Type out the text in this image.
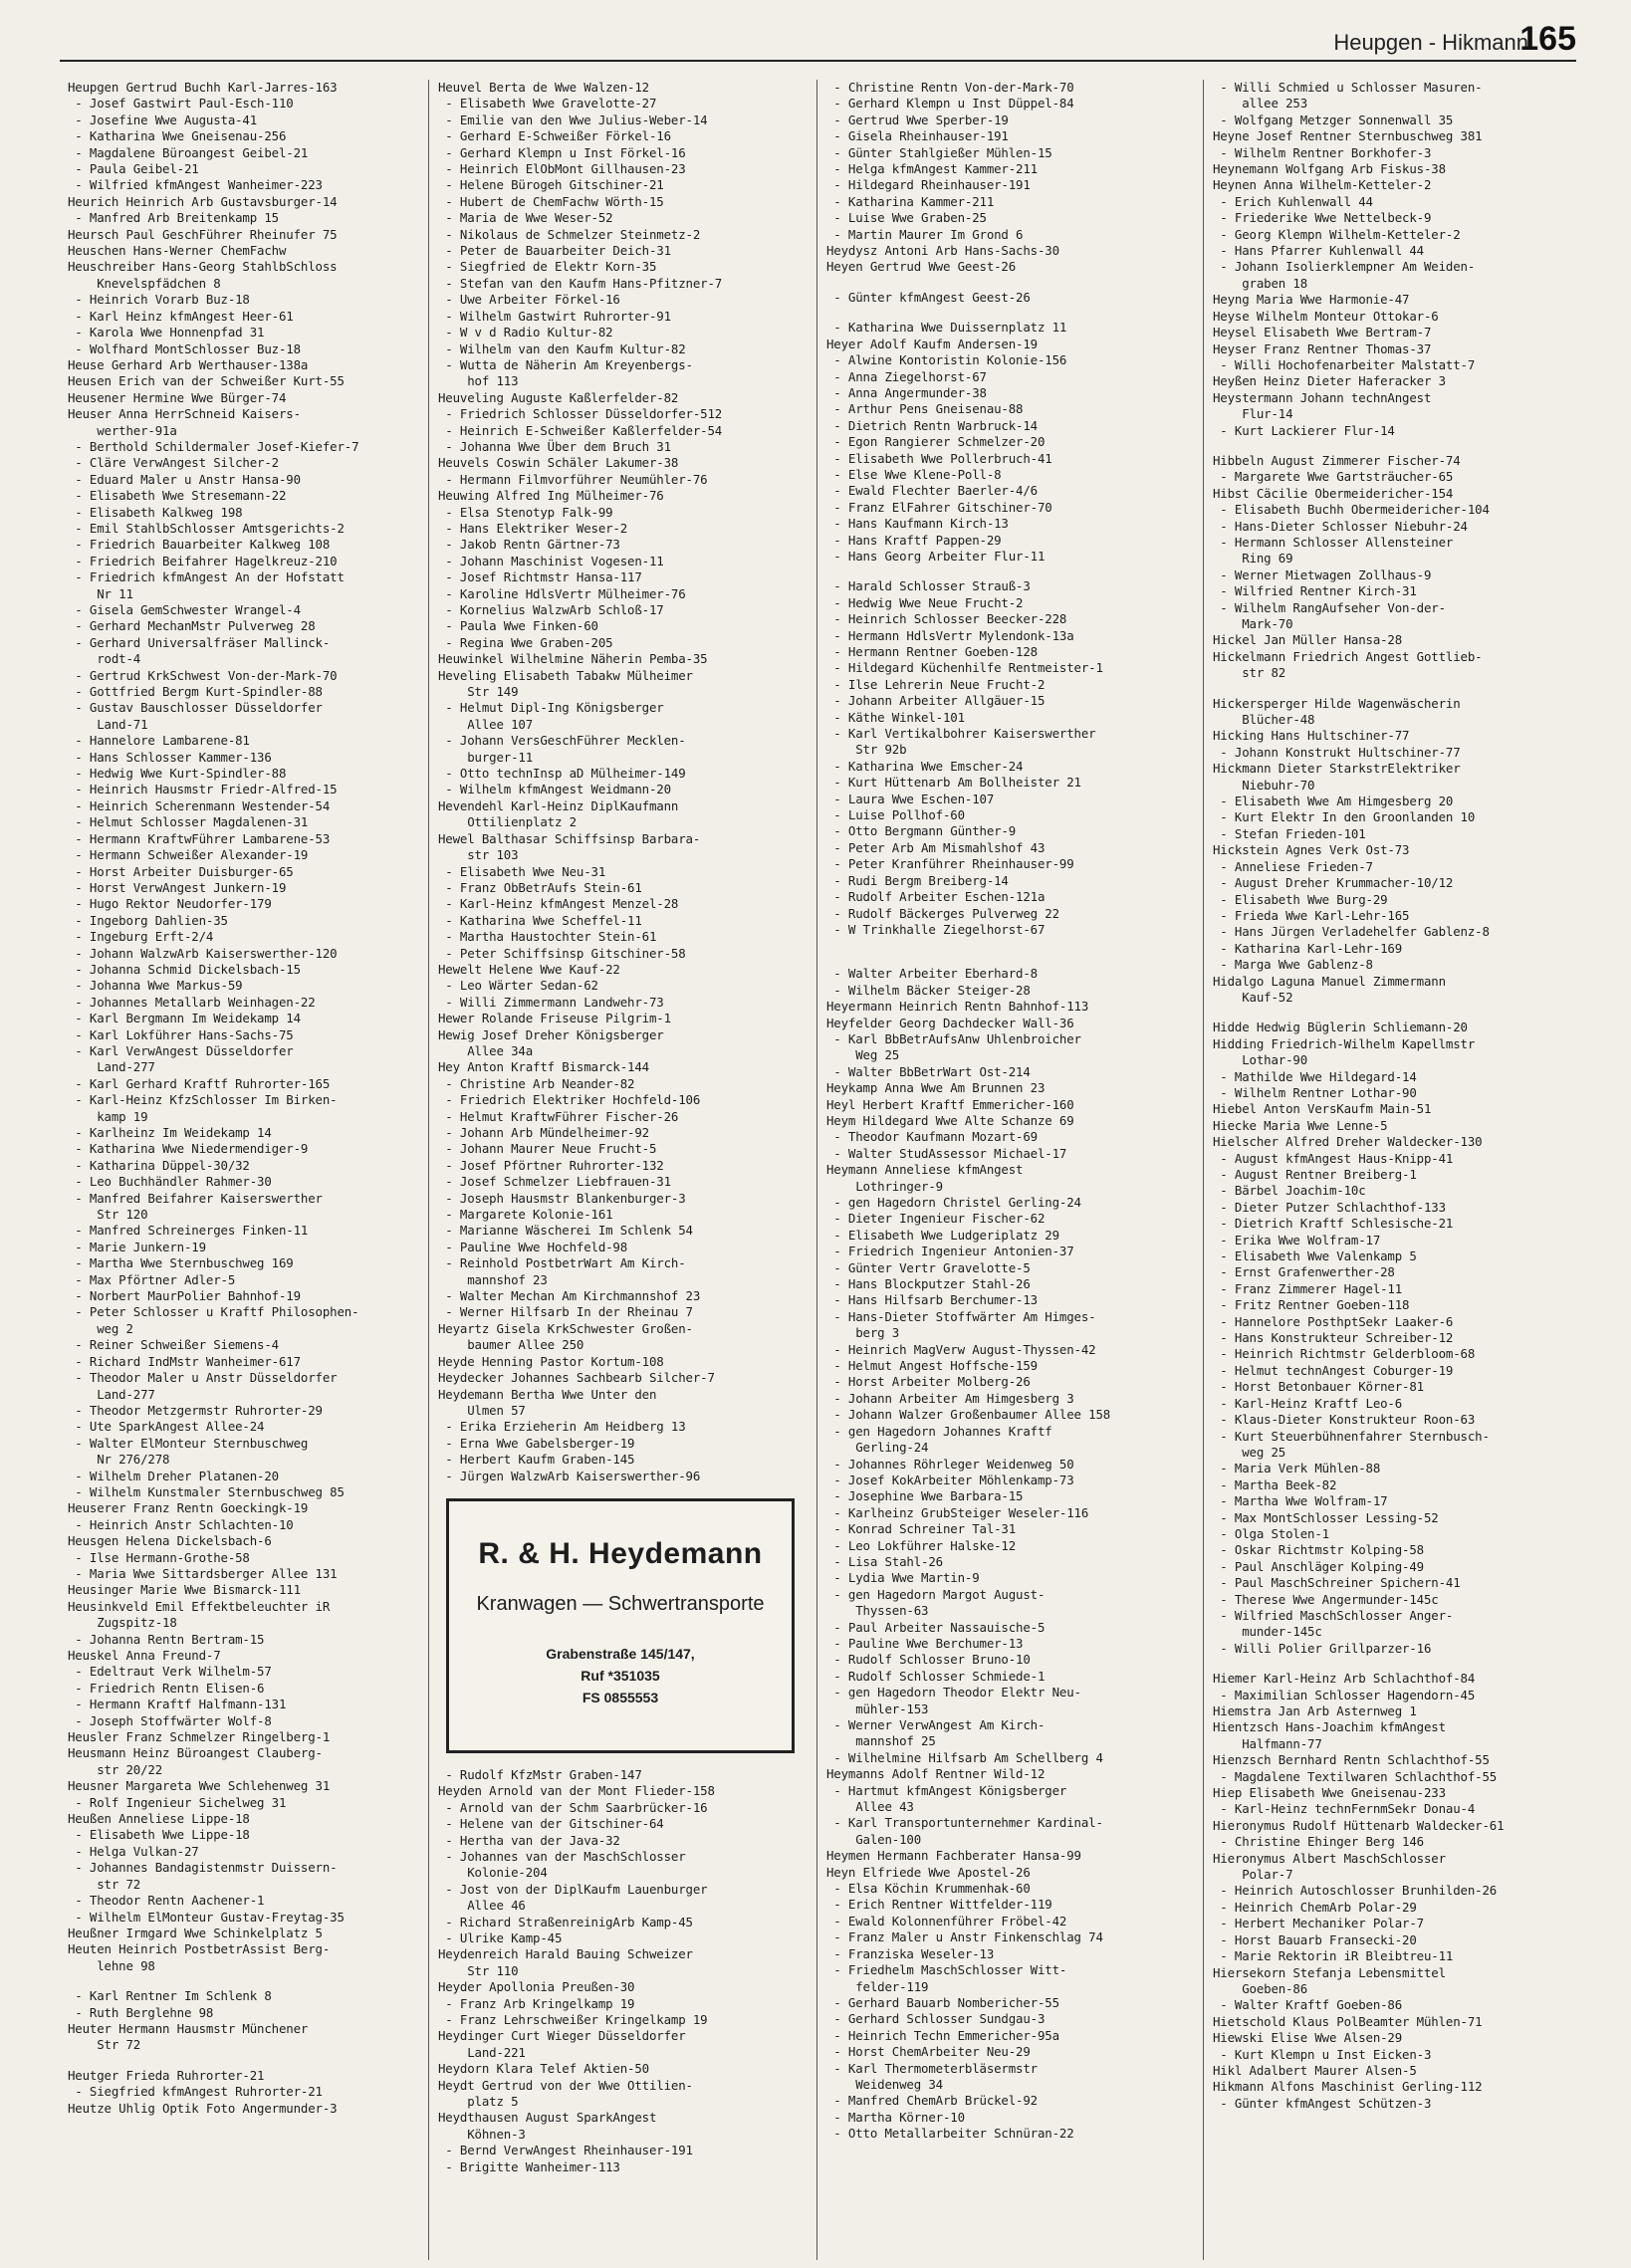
Heupgen - Hikmann
165
Heupgen Gertrud Buchh Karl-Jarres-163
- Josef Gastwirt Paul-Esch-110
- Josefine Wwe Augusta-41
- Katharina Wwe Gneisenau-256
- Magdalene Büroangest Geibel-21
- Paula Geibel-21
- Wilfried kfmAngest Wanheimer-223
Heurich Heinrich Arb Gustavsburger-14
- Manfred Arb Breitenkamp 15
Heursch Paul GeschFührer Rheinufer 75
Heuschen Hans-Werner ChemFachw
Heuschreiber Hans-Georg StahlbSchloss
Knevelspfädchen 8
- Heinrich Vorarb Buz-18
- Karl Heinz kfmAngest Heer-61
- Karola Wwe Honnenpfad 31
- Wolfhard MontSchlosser Buz-18
Heuse Gerhard Arb Werthauser-138a
Heusen Erich van der Schweißer Kurt-55
Heusener Hermine Wwe Bürger-74
Heuser Anna HerrSchneid Kaisers-
werther-91a
- Berthold Schildermaler Josef-Kiefer-7
- Cläre VerwAngest Silcher-2
- Eduard Maler u Anstr Hansa-90
- Elisabeth Wwe Stresemann-22
- Elisabeth Kalkweg 198
- Emil StahlbSchlosser Amtsgerichts-2
- Friedrich Bauarbeiter Kalkweg 108
- Friedrich Beifahrer Hagelkreuz-210
- Friedrich kfmAngest An der Hofstatt
Nr 11
- Gisela GemSchwester Wrangel-4
- Gerhard MechanMstr Pulverweg 28
- Gerhard Universalfräser Mallinck-
rodt-4
- Gertrud KrkSchwest Von-der-Mark-70
- Gottfried Bergm Kurt-Spindler-88
- Gustav Bauschlosser Düsseldorfer
Land-71
- Hannelore Lambarene-81
- Hans Schlosser Kammer-136
- Hedwig Wwe Kurt-Spindler-88
- Heinrich Hausmstr Friedr-Alfred-15
- Heinrich Scherenmann Westender-54
- Helmut Schlosser Magdalenen-31
- Hermann KraftwFührer Lambarene-53
- Hermann Schweißer Alexander-19
- Horst Arbeiter Duisburger-65
- Horst VerwAngest Junkern-19
- Hugo Rektor Neudorfer-179
- Ingeborg Dahlien-35
- Ingeburg Erft-2/4
- Johann WalzwArb Kaiserswerther-120
- Johanna Schmid Dickelsbach-15
- Johanna Wwe Markus-59
- Johannes Metallarb Weinhagen-22
- Karl Bergmann Im Weidekamp 14
- Karl Lokführer Hans-Sachs-75
- Karl VerwAngest Düsseldorfer
Land-277
- Karl Gerhard Kraftf Ruhrorter-165
- Karl-Heinz KfzSchlosser Im Birken-
kamp 19
- Karlheinz Im Weidekamp 14
- Katharina Wwe Niedermendiger-9
- Katharina Düppel-30/32
- Leo Buchhändler Rahmer-30
- Manfred Beifahrer Kaiserswerther
Str 120
- Manfred Schreinerges Finken-11
- Marie Junkern-19
- Martha Wwe Sternbuschweg 169
- Max Pförtner Adler-5
- Norbert MaurPolier Bahnhof-19
- Peter Schlosser u Kraftf Philosophen-
weg 2
- Reiner Schweißer Siemens-4
- Richard IndMstr Wanheimer-617
- Theodor Maler u Anstr Düsseldorfer
Land-277
- Theodor Metzgermstr Ruhrorter-29
- Ute SparkAngest Allee-24
- Walter ElMonteur Sternbuschweg
Nr 276/278
- Wilhelm Dreher Platanen-20
- Wilhelm Kunstmaler Sternbuschweg 85
Heuserer Franz Rentn Goeckingk-19
- Heinrich Anstr Schlachten-10
Heusgen Helena Dickelsbach-6
- Ilse Hermann-Grothe-58
- Maria Wwe Sittardsberger Allee 131
Heusinger Marie Wwe Bismarck-111
Heusinkveld Emil Effektbeleuchter iR
Zugspitz-18
- Johanna Rentn Bertram-15
Heuskel Anna Freund-7
- Edeltraut Verk Wilhelm-57
- Friedrich Rentn Elisen-6
- Hermann Kraftf Halfmann-131
- Joseph Stoffwärter Wolf-8
Heusler Franz Schmelzer Ringelberg-1
Heusmann Heinz Büroangest Clauberg-
str 20/22
Heusner Margareta Wwe Schlehenweg 31
- Rolf Ingenieur Sichelweg 31
Heußen Anneliese Lippe-18
- Elisabeth Wwe Lippe-18
- Helga Vulkan-27
- Johannes Bandagistenmstr Duissern-
str 72
- Theodor Rentn Aachener-1
- Wilhelm ElMonteur Gustav-Freytag-35
Heußner Irmgard Wwe Schinkelplatz 5
Heuten Heinrich PostbetrAssist Berg-
lehne 98
- Karl Rentner Im Schlenk 8
- Ruth Berglehne 98
Heuter Hermann Hausmstr Münchener
Str 72
Heutger Frieda Ruhrorter-21
- Siegfried kfmAngest Ruhrorter-21
Heutze Uhlig Optik Foto Angermunder-3
Heuvel Berta de Wwe Walzen-12
- Elisabeth Wwe Gravelotte-27
- Emilie van den Wwe Julius-Weber-14
- Gerhard E-Schweißer Förkel-16
- Gerhard Klempn u Inst Förkel-16
- Heinrich ElObMont Gillhausen-23
- Helene Bürogeh Gitschiner-21
- Hubert de ChemFachw Wörth-15
- Maria de Wwe Weser-52
- Nikolaus de Schmelzer Steinmetz-2
- Peter de Bauarbeiter Deich-31
- Siegfried de Elektr Korn-35
- Stefan van den Kaufm Hans-Pfitzner-7
- Uwe Arbeiter Förkel-16
- Wilhelm Gastwirt Ruhrorter-91
- W v d Radio Kultur-82
- Wilhelm van den Kaufm Kultur-82
- Wutta de Näherin Am Kreyenbergs-
hof 113
Heuveling Auguste Kaßlerfelder-82
- Friedrich Schlosser Düsseldorfer-512
- Heinrich E-Schweißer Kaßlerfelder-54
- Johanna Wwe Über dem Bruch 31
Heuvels Coswin Schäler Lakumer-38
- Hermann Filmvorführer Neumühler-76
Heuwing Alfred Ing Mülheimer-76
- Elsa Stenotyp Falk-99
- Hans Elektriker Weser-2
- Jakob Rentn Gärtner-73
- Johann Maschinist Vogesen-11
- Josef Richtmstr Hansa-117
- Karoline HdlsVertr Mülheimer-76
- Kornelius WalzwArb Schloß-17
- Paula Wwe Finken-60
- Regina Wwe Graben-205
Heuwinkel Wilhelmine Näherin Pemba-35
Heveling Elisabeth Tabakw Mülheimer
Str 149
- Helmut Dipl-Ing Königsberger
Allee 107
- Johann VersGeschFührer Mecklen-
burger-11
- Otto technInsp aD Mülheimer-149
- Wilhelm kfmAngest Weidmann-20
Hevendehl Karl-Heinz DiplKaufmann
Ottilienplatz 2
Hewel Balthasar Schiffsinsp Barbara-
str 103
- Elisabeth Wwe Neu-31
- Franz ObBetrAufs Stein-61
- Karl-Heinz kfmAngest Menzel-28
- Katharina Wwe Scheffel-11
- Martha Haustochter Stein-61
- Peter Schiffsinsp Gitschiner-58
Hewelt Helene Wwe Kauf-22
- Leo Wärter Sedan-62
- Willi Zimmermann Landwehr-73
Hewer Rolande Friseuse Pilgrim-1
Hewig Josef Dreher Königsberger
Allee 34a
Hey Anton Kraftf Bismarck-144
- Christine Arb Neander-82
- Friedrich Elektriker Hochfeld-106
- Helmut KraftwFührer Fischer-26
- Johann Arb Mündelheimer-92
- Johann Maurer Neue Frucht-5
- Josef Pförtner Ruhrorter-132
- Josef Schmelzer Liebfrauen-31
- Joseph Hausmstr Blankenburger-3
- Margarete Kolonie-161
- Marianne Wäscherei Im Schlenk 54
- Pauline Wwe Hochfeld-98
- Reinhold PostbetrWart Am Kirch-
mannshof 23
- Walter Mechan Am Kirchmannshof 23
- Werner Hilfsarb In der Rheinau 7
Heyartz Gisela KrkSchwester Großen-
baumer Allee 250
Heyde Henning Pastor Kortum-108
Heydecker Johannes Sachbearb Silcher-7
Heydemann Bertha Wwe Unter den
Ulmen 57
- Erika Erzieherin Am Heidberg 13
- Erna Wwe Gabelsberger-19
- Herbert Kaufm Graben-145
- Jürgen WalzwArb Kaiserswerther-96
R. & H. Heydemann
Kranwagen — Schwertransporte
Grabenstraße 145/147,
Ruf *351035
FS 0855553
- Rudolf KfzMstr Graben-147
Heyden Arnold van der Mont Flieder-158
- Arnold van der Schm Saarbrücker-16
- Helene van der Gitschiner-64
- Hertha van der Java-32
- Johannes van der MaschSchlosser
Kolonie-204
- Jost von der DiplKaufm Lauenburger
Allee 46
- Richard StraßenreinigArb Kamp-45
- Ulrike Kamp-45
Heydenreich Harald Bauing Schweizer
Str 110
Heyder Apollonia Preußen-30
- Franz Arb Kringelkamp 19
- Franz Lehrschweißer Kringelkamp 19
Heydinger Curt Wieger Düsseldorfer
Land-221
Heydorn Klara Telef Aktien-50
Heydt Gertrud von der Wwe Ottilien-
platz 5
Heydthausen August SparkAngest
Köhnen-3
- Bernd VerwAngest Rheinhauser-191
- Brigitte Wanheimer-113
- Christine Rentn Von-der-Mark-70
- Gerhard Klempn u Inst Düppel-84
- Gertrud Wwe Sperber-19
- Gisela Rheinhauser-191
- Günter Stahlgießer Mühlen-15
- Helga kfmAngest Kammer-211
- Hildegard Rheinhauser-191
- Katharina Kammer-211
- Luise Wwe Graben-25
- Martin Maurer Im Grond 6
Heydysz Antoni Arb Hans-Sachs-30
Heyen Gertrud Wwe Geest-26
- Günter kfmAngest Geest-26
- Katharina Wwe Duissernplatz 11
Heyer Adolf Kaufm Andersen-19
- Alwine Kontoristin Kolonie-156
- Anna Ziegelhorst-67
- Anna Angermunder-38
- Arthur Pens Gneisenau-88
- Dietrich Rentn Warbruck-14
- Egon Rangierer Schmelzer-20
- Elisabeth Wwe Pollerbruch-41
- Else Wwe Klene-Poll-8
- Ewald Flechter Baerler-4/6
- Franz ElFahrer Gitschiner-70
- Hans Kaufmann Kirch-13
- Hans Kraftf Pappen-29
- Hans Georg Arbeiter Flur-11
- Harald Schlosser Strauß-3
- Hedwig Wwe Neue Frucht-2
- Heinrich Schlosser Beecker-228
- Hermann HdlsVertr Mylendonk-13a
- Hermann Rentner Goeben-128
- Hildegard Küchenhilfe Rentmeister-1
- Ilse Lehrerin Neue Frucht-2
- Johann Arbeiter Allgäuer-15
- Käthe Winkel-101
- Karl Vertikalbohrer Kaiserswerther
Str 92b
- Katharina Wwe Emscher-24
- Kurt Hüttenarb Am Bollheister 21
- Laura Wwe Eschen-107
- Luise Pollhof-60
- Otto Bergmann Günther-9
- Peter Arb Am Mismahlshof 43
- Peter Kranführer Rheinhauser-99
- Rudi Bergm Breiberg-14
- Rudolf Arbeiter Eschen-121a
- Rudolf Bäckerges Pulverweg 22
- W Trinkhalle Ziegelhorst-67
- Walter Arbeiter Eberhard-8
- Wilhelm Bäcker Steiger-28
Heyermann Heinrich Rentn Bahnhof-113
Heyfelder Georg Dachdecker Wall-36
- Karl BbBetrAufsAnw Uhlenbroicher
Weg 25
- Walter BbBetrWart Ost-214
Heykamp Anna Wwe Am Brunnen 23
Heyl Herbert Kraftf Emmericher-160
Heym Hildegard Wwe Alte Schanze 69
- Theodor Kaufmann Mozart-69
- Walter StudAssessor Michael-17
Heymann Anneliese kfmAngest
Lothringer-9
- gen Hagedorn Christel Gerling-24
- Dieter Ingenieur Fischer-62
- Elisabeth Wwe Ludgeriplatz 29
- Friedrich Ingenieur Antonien-37
- Günter Vertr Gravelotte-5
- Hans Blockputzer Stahl-26
- Hans Hilfsarb Berchumer-13
- Hans-Dieter Stoffwärter Am Himges-
berg 3
- Heinrich MagVerw August-Thyssen-42
- Helmut Angest Hoffsche-159
- Horst Arbeiter Molberg-26
- Johann Arbeiter Am Himgesberg 3
- Johann Walzer Großenbaumer Allee 158
- gen Hagedorn Johannes Kraftf
Gerling-24
- Johannes Röhrleger Weidenweg 50
- Josef KokArbeiter Möhlenkamp-73
- Josephine Wwe Barbara-15
- Karlheinz GrubSteiger Weseler-116
- Konrad Schreiner Tal-31
- Leo Lokführer Halske-12
- Lisa Stahl-26
- Lydia Wwe Martin-9
- gen Hagedorn Margot August-
Thyssen-63
- Paul Arbeiter Nassauische-5
- Pauline Wwe Berchumer-13
- Rudolf Schlosser Bruno-10
- Rudolf Schlosser Schmiede-1
- gen Hagedorn Theodor Elektr Neu-
mühler-153
- Werner VerwAngest Am Kirch-
mannshof 25
- Wilhelmine Hilfsarb Am Schellberg 4
Heymanns Adolf Rentner Wild-12
- Hartmut kfmAngest Königsberger
Allee 43
- Karl Transportunternehmer Kardinal-
Galen-100
Heymen Hermann Fachberater Hansa-99
Heyn Elfriede Wwe Apostel-26
- Elsa Köchin Krummenhak-60
- Erich Rentner Wittfelder-119
- Ewald Kolonnenführer Fröbel-42
- Franz Maler u Anstr Finkenschlag 74
- Franziska Weseler-13
- Friedhelm MaschSchlosser Witt-
felder-119
- Gerhard Bauarb Nombericher-55
- Gerhard Schlosser Sundgau-3
- Heinrich Techn Emmericher-95a
- Horst ChemArbeiter Neu-29
- Karl Thermometerbläsermstr
Weidenweg 34
- Manfred ChemArb Brückel-92
- Martha Körner-10
- Otto Metallarbeiter Schnüran-22
- Willi Schmied u Schlosser Masuren-
allee 253
- Wolfgang Metzger Sonnenwall 35
Heyne Josef Rentner Sternbuschweg 381
- Wilhelm Rentner Borkhofer-3
Heynemann Wolfgang Arb Fiskus-38
Heynen Anna Wilhelm-Ketteler-2
- Erich Kuhlenwall 44
- Friederike Wwe Nettelbeck-9
- Georg Klempn Wilhelm-Ketteler-2
- Hans Pfarrer Kuhlenwall 44
- Johann Isolierklempner Am Weiden-
graben 18
Heyng Maria Wwe Harmonie-47
Heyse Wilhelm Monteur Ottokar-6
Heysel Elisabeth Wwe Bertram-7
Heyser Franz Rentner Thomas-37
- Willi Hochofenarbeiter Malstatt-7
Heyßen Heinz Dieter Haferacker 3
Heystermann Johann technAngest
Flur-14
- Kurt Lackierer Flur-14
Hibbeln August Zimmerer Fischer-74
- Margarete Wwe Gartsträucher-65
Hibst Cäcilie Obermeidericher-154
- Elisabeth Buchh Obermeidericher-104
- Hans-Dieter Schlosser Niebuhr-24
- Hermann Schlosser Allensteiner
Ring 69
- Werner Mietwagen Zollhaus-9
- Wilfried Rentner Kirch-31
- Wilhelm RangAufseher Von-der-
Mark-70
Hickel Jan Müller Hansa-28
Hickelmann Friedrich Angest Gottlieb-
str 82
Hickersperger Hilde Wagenwäscherin
Blücher-48
Hicking Hans Hultschiner-77
- Johann Konstrukt Hultschiner-77
Hickmann Dieter StarkstrElektriker
Niebuhr-70
- Elisabeth Wwe Am Himgesberg 20
- Kurt Elektr In den Groonlanden 10
- Stefan Frieden-101
Hickstein Agnes Verk Ost-73
- Anneliese Frieden-7
- August Dreher Krummacher-10/12
- Elisabeth Wwe Burg-29
- Frieda Wwe Karl-Lehr-165
- Hans Jürgen Verladehelfer Gablenz-8
- Katharina Karl-Lehr-169
- Marga Wwe Gablenz-8
Hidalgo Laguna Manuel Zimmermann
Kauf-52
Hidde Hedwig Büglerin Schliemann-20
Hidding Friedrich-Wilhelm Kapellmstr
Lothar-90
- Mathilde Wwe Hildegard-14
- Wilhelm Rentner Lothar-90
Hiebel Anton VersKaufm Main-51
Hiecke Maria Wwe Lenne-5
Hielscher Alfred Dreher Waldecker-130
- August kfmAngest Haus-Knipp-41
- August Rentner Breiberg-1
- Bärbel Joachim-10c
- Dieter Putzer Schlachthof-133
- Dietrich Kraftf Schlesische-21
- Erika Wwe Wolfram-17
- Elisabeth Wwe Valenkamp 5
- Ernst Grafenwerther-28
- Franz Zimmerer Hagel-11
- Fritz Rentner Goeben-118
- Hannelore PosthptSekr Laaker-6
- Hans Konstrukteur Schreiber-12
- Heinrich Richtmstr Gelderbloom-68
- Helmut technAngest Coburger-19
- Horst Betonbauer Körner-81
- Karl-Heinz Kraftf Leo-6
- Klaus-Dieter Konstrukteur Roon-63
- Kurt Steuerbühnenfahrer Sternbusch-
weg 25
- Maria Verk Mühlen-88
- Martha Beek-82
- Martha Wwe Wolfram-17
- Max MontSchlosser Lessing-52
- Olga Stolen-1
- Oskar Richtmstr Kolping-58
- Paul Anschläger Kolping-49
- Paul MaschSchreiner Spichern-41
- Therese Wwe Angermunder-145c
- Wilfried MaschSchlosser Anger-
munder-145c
- Willi Polier Grillparzer-16
Hiemer Karl-Heinz Arb Schlachthof-84
- Maximilian Schlosser Hagendorn-45
Hiemstra Jan Arb Asternweg 1
Hientzsch Hans-Joachim kfmAngest
Halfmann-77
Hienzsch Bernhard Rentn Schlachthof-55
- Magdalene Textilwaren Schlachthof-55
Hiep Elisabeth Wwe Gneisenau-233
- Karl-Heinz technFernmSekr Donau-4
Hieronymus Rudolf Hüttenarb Waldecker-61
- Christine Ehinger Berg 146
Hieronymus Albert MaschSchlosser
Polar-7
- Heinrich Autoschlosser Brunhilden-26
- Heinrich ChemArb Polar-29
- Herbert Mechaniker Polar-7
- Horst Bauarb Fransecki-20
- Marie Rektorin iR Bleibtreu-11
Hiersekorn Stefanja Lebensmittel
Goeben-86
- Walter Kraftf Goeben-86
Hietschold Klaus PolBeamter Mühlen-71
Hiewski Elise Wwe Alsen-29
- Kurt Klempn u Inst Eicken-3
Hikl Adalbert Maurer Alsen-5
Hikmann Alfons Maschinist Gerling-112
- Günter kfmAngest Schützen-3
